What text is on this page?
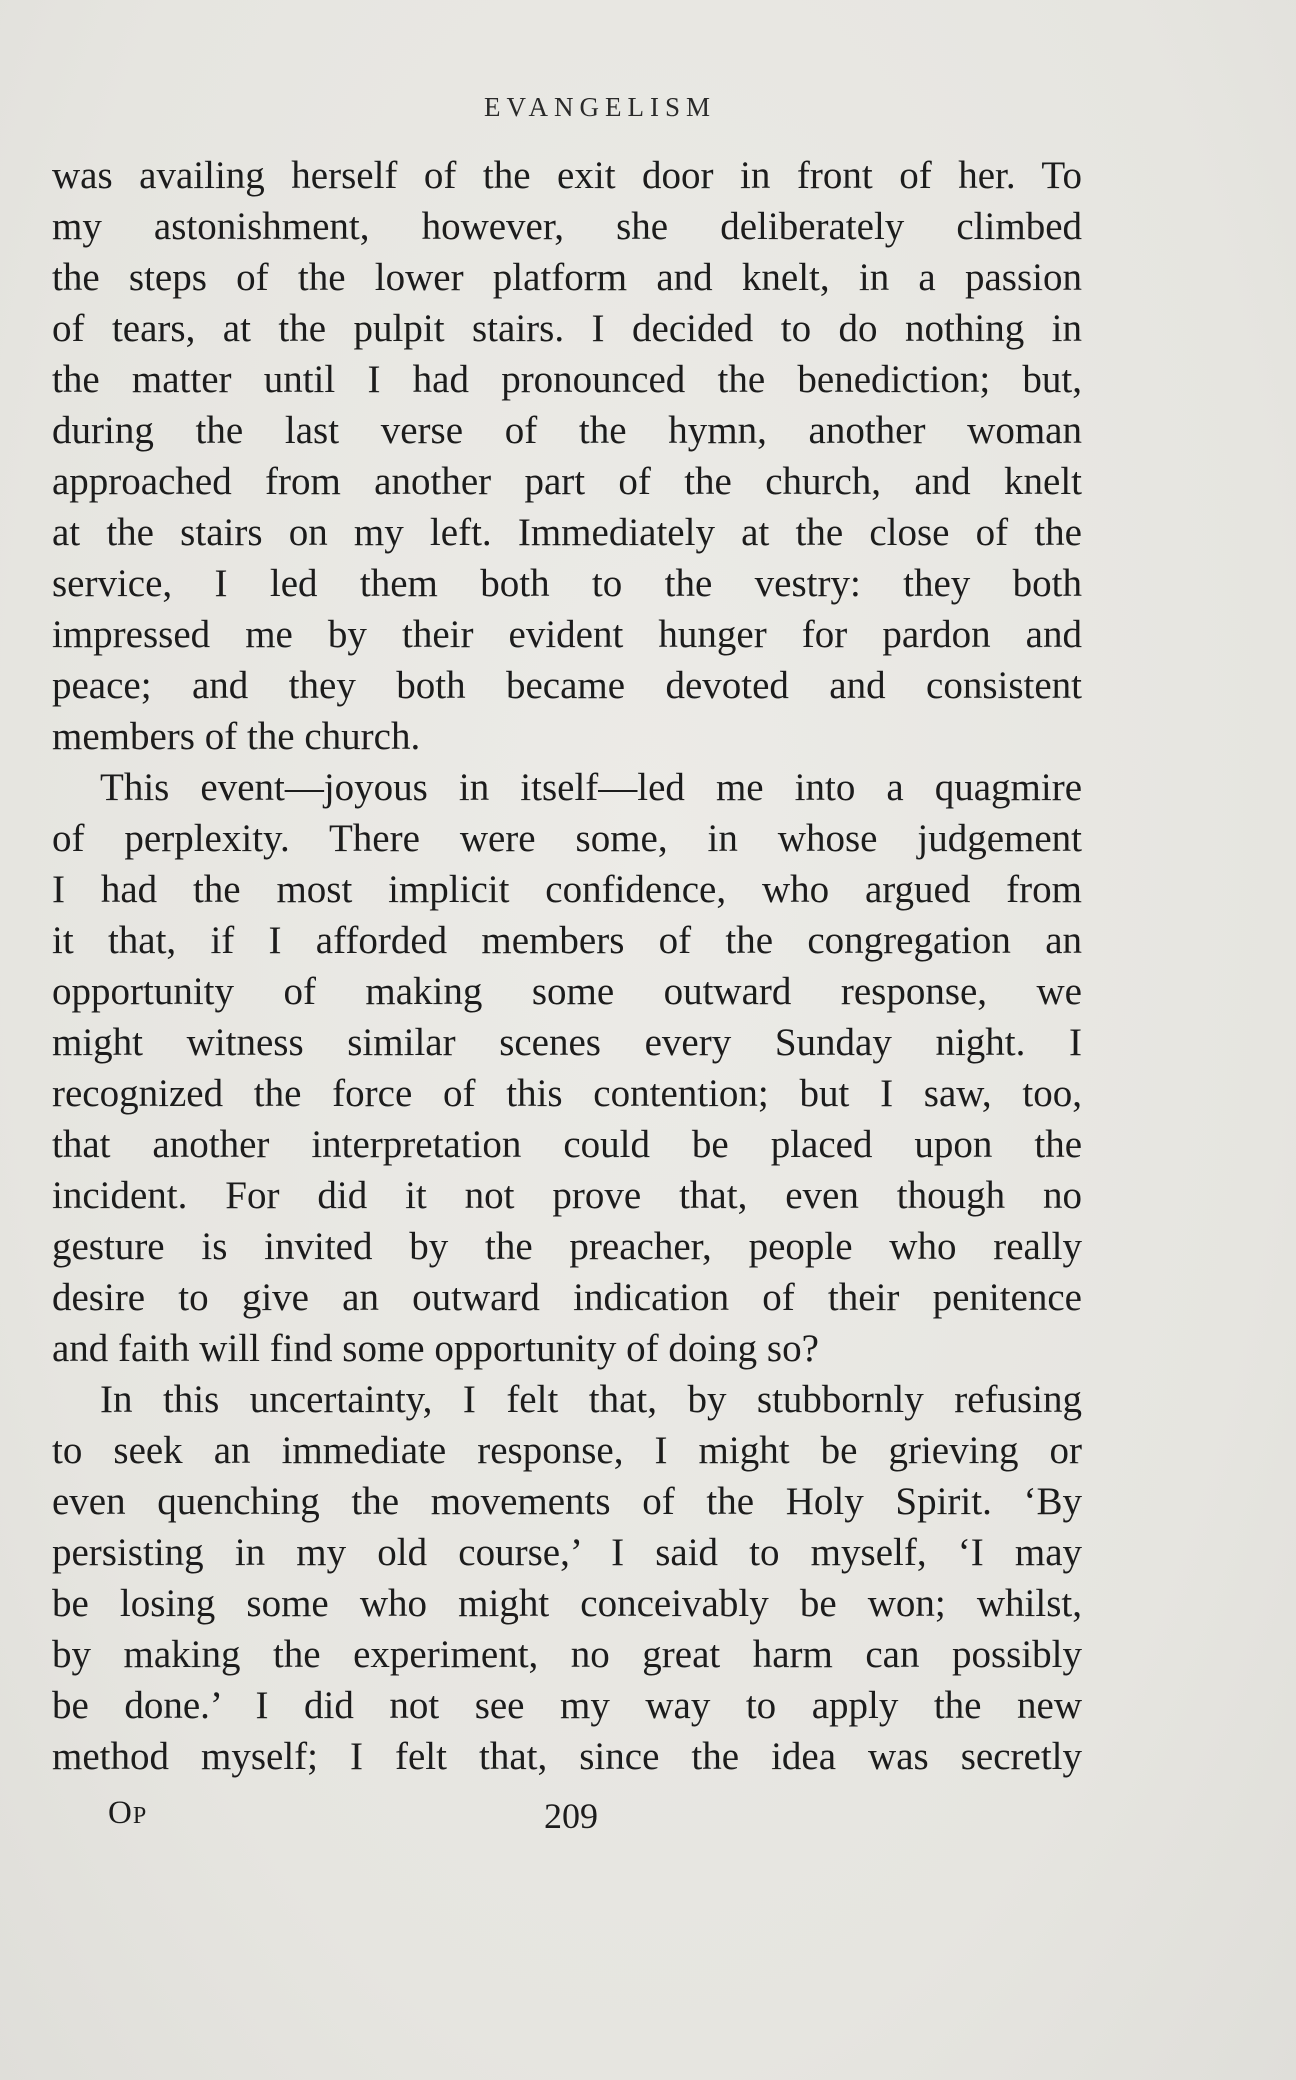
EVANGELISM
was availing herself of the exit door in front of her. To
my astonishment, however, she deliberately climbed
the steps of the lower platform and knelt, in a passion
of tears, at the pulpit stairs. I decided to do nothing in
the matter until I had pronounced the benediction; but,
during the last verse of the hymn, another woman
approached from another part of the church, and knelt
at the stairs on my left. Immediately at the close of the
service, I led them both to the vestry: they both
impressed me by their evident hunger for pardon and
peace; and they both became devoted and consistent
members of the church.
This event—joyous in itself—led me into a quagmire
of perplexity. There were some, in whose judgement
I had the most implicit confidence, who argued from
it that, if I afforded members of the congregation an
opportunity of making some outward response, we
might witness similar scenes every Sunday night. I
recognized the force of this contention; but I saw, too,
that another interpretation could be placed upon the
incident. For did it not prove that, even though no
gesture is invited by the preacher, people who really
desire to give an outward indication of their penitence
and faith will find some opportunity of doing so?
In this uncertainty, I felt that, by stubbornly refusing
to seek an immediate response, I might be grieving or
even quenching the movements of the Holy Spirit. ‘By
persisting in my old course,’ I said to myself, ‘I may
be losing some who might conceivably be won; whilst,
by making the experiment, no great harm can possibly
be done.’ I did not see my way to apply the new
method myself; I felt that, since the idea was secretly
OP	209
